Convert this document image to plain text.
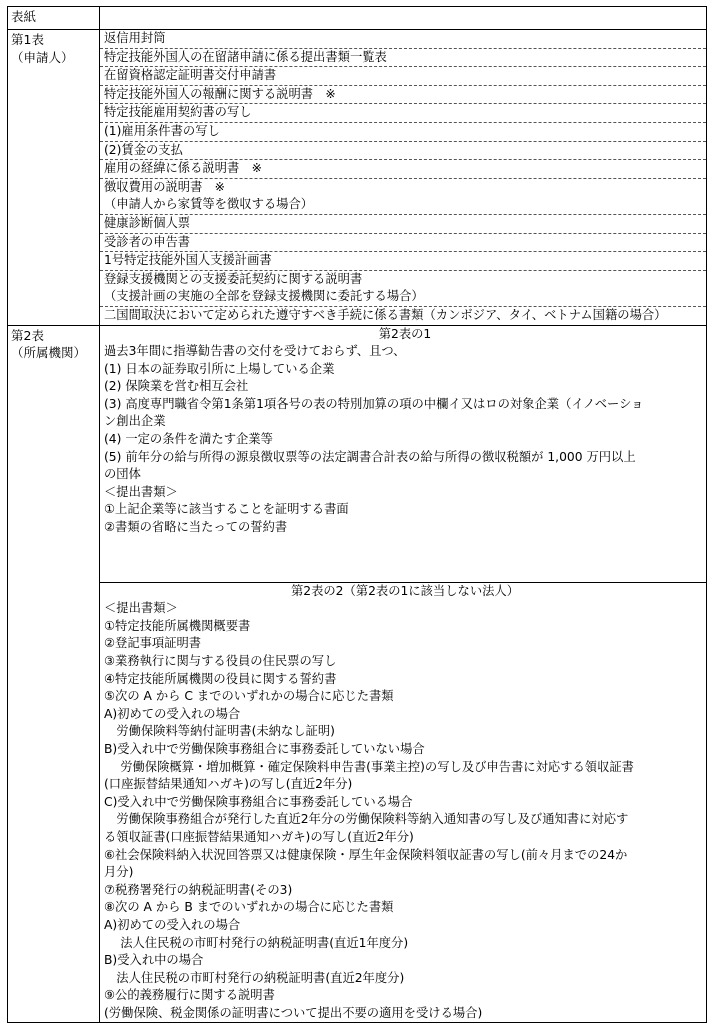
表紙
第1表
（申請人）
返信用封筒
特定技能外国人の在留諸申請に係る提出書類一覧表
在留資格認定証明書交付申請書
特定技能外国人の報酬に関する説明書　※
特定技能雇用契約書の写し
(1)雇用条件書の写し
(2)賃金の支払
雇用の経緯に係る説明書　※
徴収費用の説明書　※
（申請人から家賃等を徴収する場合）
健康診断個人票
受診者の申告書
1号特定技能外国人支援計画書
登録支援機関との支援委託契約に関する説明書
（支援計画の実施の全部を登録支援機関に委託する場合）
二国間取決において定められた遵守すべき手続に係る書類（カンボジア、タイ、ベトナム国籍の場合）
第2表
（所属機関）
第2表の1
過去3年間に指導勧告書の交付を受けておらず、且つ、
(1) 日本の証券取引所に上場している企業
(2) 保険業を営む相互会社
(3) 高度専門職省令第1条第1項各号の表の特別加算の項の中欄イ又はロの対象企業（イノベーショ
ン創出企業
(4) 一定の条件を満たす企業等
(5) 前年分の給与所得の源泉徴収票等の法定調書合計表の給与所得の徴収税額が 1,000 万円以上
の団体
＜提出書類＞
①上記企業等に該当することを証明する書面
②書類の省略に当たっての誓約書
第2表の2（第2表の1に該当しない法人）
＜提出書類＞
①特定技能所属機関概要書
②登記事項証明書
③業務執行に関与する役員の住民票の写し
④特定技能所属機関の役員に関する誓約書
⑤次の A から C までのいずれかの場合に応じた書類
A)初めての受入れの場合
　労働保険料等納付証明書(未納なし証明)
B)受入れ中で労働保険事務組合に事務委託していない場合
　 労働保険概算・増加概算・確定保険料申告書(事業主控)の写し及び申告書に対応する領収証書
(口座振替結果通知ハガキ)の写し(直近2年分)
C)受入れ中で労働保険事務組合に事務委託している場合
　労働保険事務組合が発行した直近2年分の労働保険料等納入通知書の写し及び通知書に対応す
る領収証書(口座振替結果通知ハガキ)の写し(直近2年分)
⑥社会保険料納入状況回答票又は健康保険・厚生年金保険料領収証書の写し(前々月までの24か
月分)
⑦税務署発行の納税証明書(その3)
⑧次の A から B までのいずれかの場合に応じた書類
A)初めての受入れの場合
　 法人住民税の市町村発行の納税証明書(直近1年度分)
B)受入れ中の場合
　法人住民税の市町村発行の納税証明書(直近2年度分)
⑨公的義務履行に関する説明書
(労働保険、税金関係の証明書について提出不要の適用を受ける場合)
